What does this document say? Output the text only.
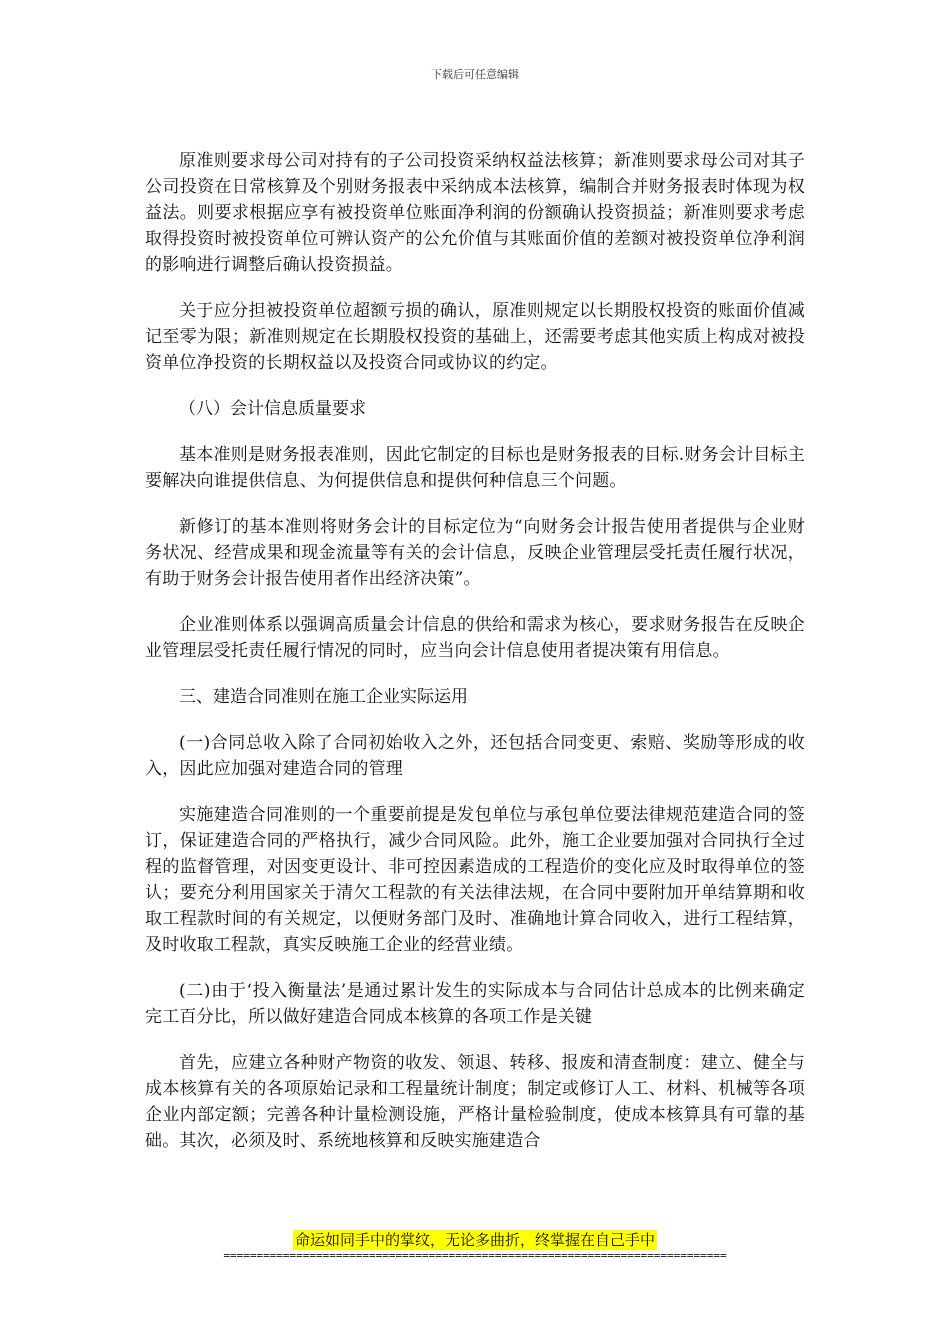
下载后可任意编辑

原准则要求母公司对持有的子公司投资采纳权益法核算；新准则要求母公司对其子公司投资在日常核算及个别财务报表中采纳成本法核算，编制合并财务报表时体现为权益法。则要求根据应享有被投资单位账面净利润的份额确认投资损益；新准则要求考虑取得投资时被投资单位可辨认资产的公允价值与其账面价值的差额对被投资单位净利润的影响进行调整后确认投资损益。

关于应分担被投资单位超额亏损的确认，原准则规定以长期股权投资的账面价值减记至零为限；新准则规定在长期股权投资的基础上，还需要考虑其他实质上构成对被投资单位净投资的长期权益以及投资合同或协议的约定。

（八）会计信息质量要求

基本准则是财务报表准则，因此它制定的目标也是财务报表的目标.财务会计目标主要解决向谁提供信息、为何提供信息和提供何种信息三个问题。

新修订的基本准则将财务会计的目标定位为“向财务会计报告使用者提供与企业财务状况、经营成果和现金流量等有关的会计信息，反映企业管理层受托责任履行状况，有助于财务会计报告使用者作出经济决策”。

企业准则体系以强调高质量会计信息的供给和需求为核心，要求财务报告在反映企业管理层受托责任履行情况的同时，应当向会计信息使用者提决策有用信息。

三、建造合同准则在施工企业实际运用

(一)合同总收入除了合同初始收入之外，还包括合同变更、索赔、奖励等形成的收入，因此应加强对建造合同的管理

实施建造合同准则的一个重要前提是发包单位与承包单位要法律规范建造合同的签订，保证建造合同的严格执行，减少合同风险。此外，施工企业要加强对合同执行全过程的监督管理，对因变更设计、非可控因素造成的工程造价的变化应及时取得单位的签认；要充分利用国家关于清欠工程款的有关法律法规，在合同中要附加开单结算期和收取工程款时间的有关规定，以便财务部门及时、准确地计算合同收入，进行工程结算，及时收取工程款，真实反映施工企业的经营业绩。

(二)由于‘投入衡量法’是通过累计发生的实际成本与合同估计总成本的比例来确定完工百分比，所以做好建造合同成本核算的各项工作是关键

首先，应建立各种财产物资的收发、领退、转移、报废和清查制度：建立、健全与成本核算有关的各项原始记录和工程量统计制度；制定或修订人工、材料、机械等各项企业内部定额；完善各种计量检测设施，严格计量检验制度，使成本核算具有可靠的基础。其次，必须及时、系统地核算和反映实施建造合

命运如同手中的掌纹，无论多曲折，终掌握在自己手中
============================================================================
